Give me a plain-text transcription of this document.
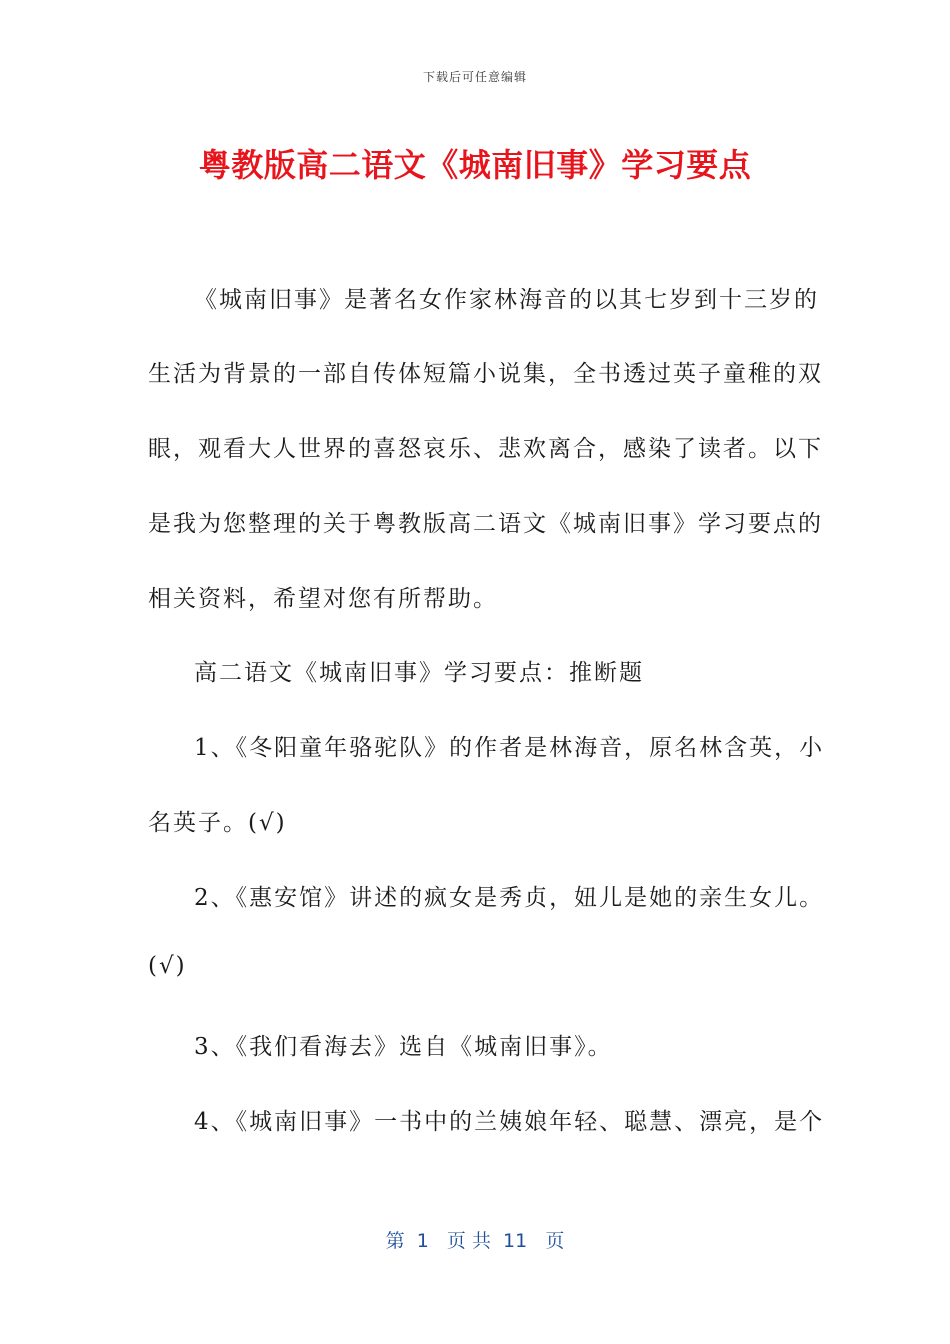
下载后可任意编辑
粤教版高二语文《城南旧事》学习要点
《城南旧事》是著名女作家林海音的以其七岁到十三岁的
生活为背景的一部自传体短篇小说集，全书透过英子童稚的双
眼，观看大人世界的喜怒哀乐、悲欢离合，感染了读者。以下
是我为您整理的关于粤教版高二语文《城南旧事》学习要点的
相关资料，希望对您有所帮助。
高二语文《城南旧事》学习要点：推断题
1、《冬阳童年骆驼队》的作者是林海音，原名林含英，小
名英子。(√)
2、《惠安馆》讲述的疯女是秀贞，妞儿是她的亲生女儿。
(√)
3、《我们看海去》选自《城南旧事》。
4、《城南旧事》一书中的兰姨娘年轻、聪慧、漂亮，是个
第  1   页 共  11   页
